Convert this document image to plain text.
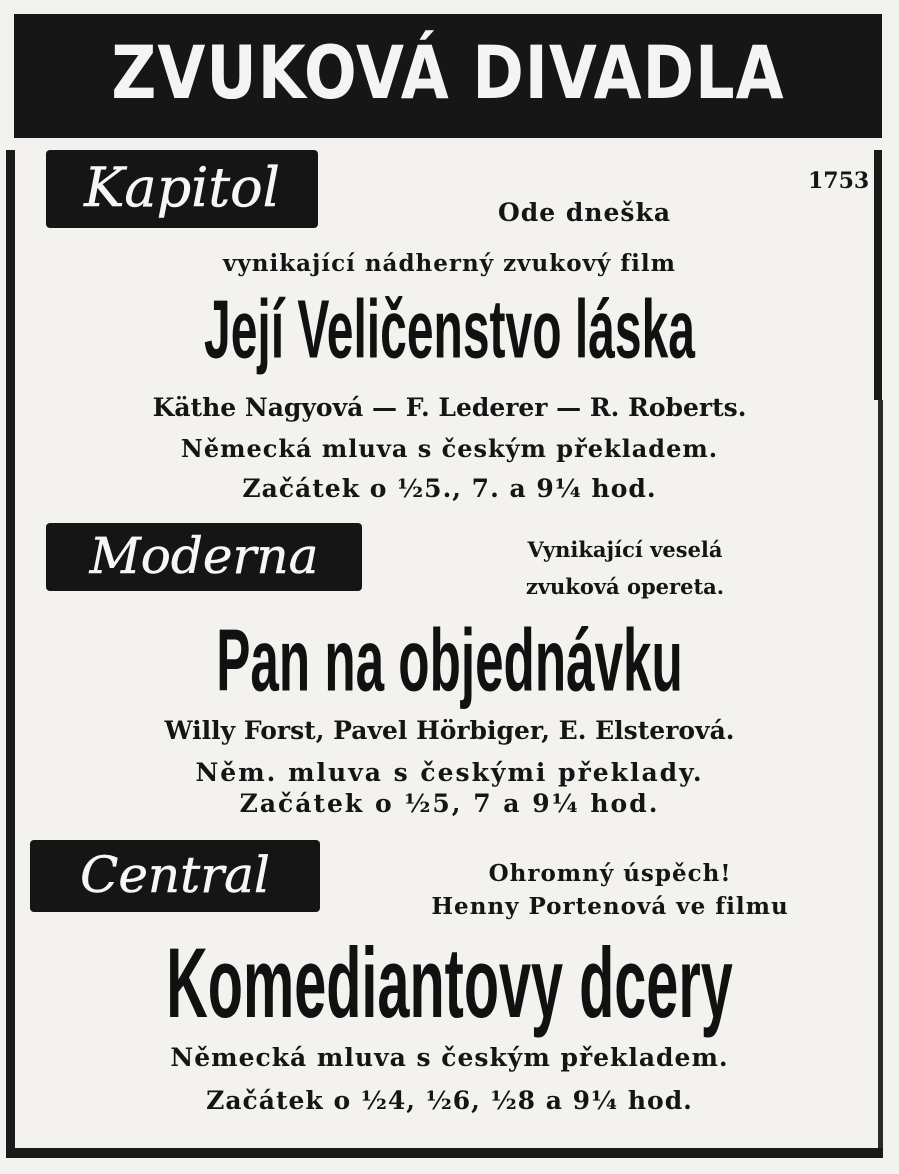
ZVUKOVÁ DIVADLA
Kapitol	1753
Ode dneška
vynikající nádherný zvukový film
Její Veličenstvo láska
Käthe Nagyová — F. Lederer — R. Roberts.
Německá mluva s českým překladem.
Začátek o ½5., 7. a 9¼ hod.
Moderna	Vynikající veselá
zvuková opereta.
Pan na objednávku
Willy Forst, Pavel Hörbiger, E. Elsterová.
Něm. mluva s českými překlady.
Začátek o ½5, 7 a 9¼ hod.
Central	Ohromný úspěch!
Henny Portenová ve filmu
Komediantovy dcery
Německá mluva s českým překladem.
Začátek o ½4, ½6, ½8 a 9¼ hod.
